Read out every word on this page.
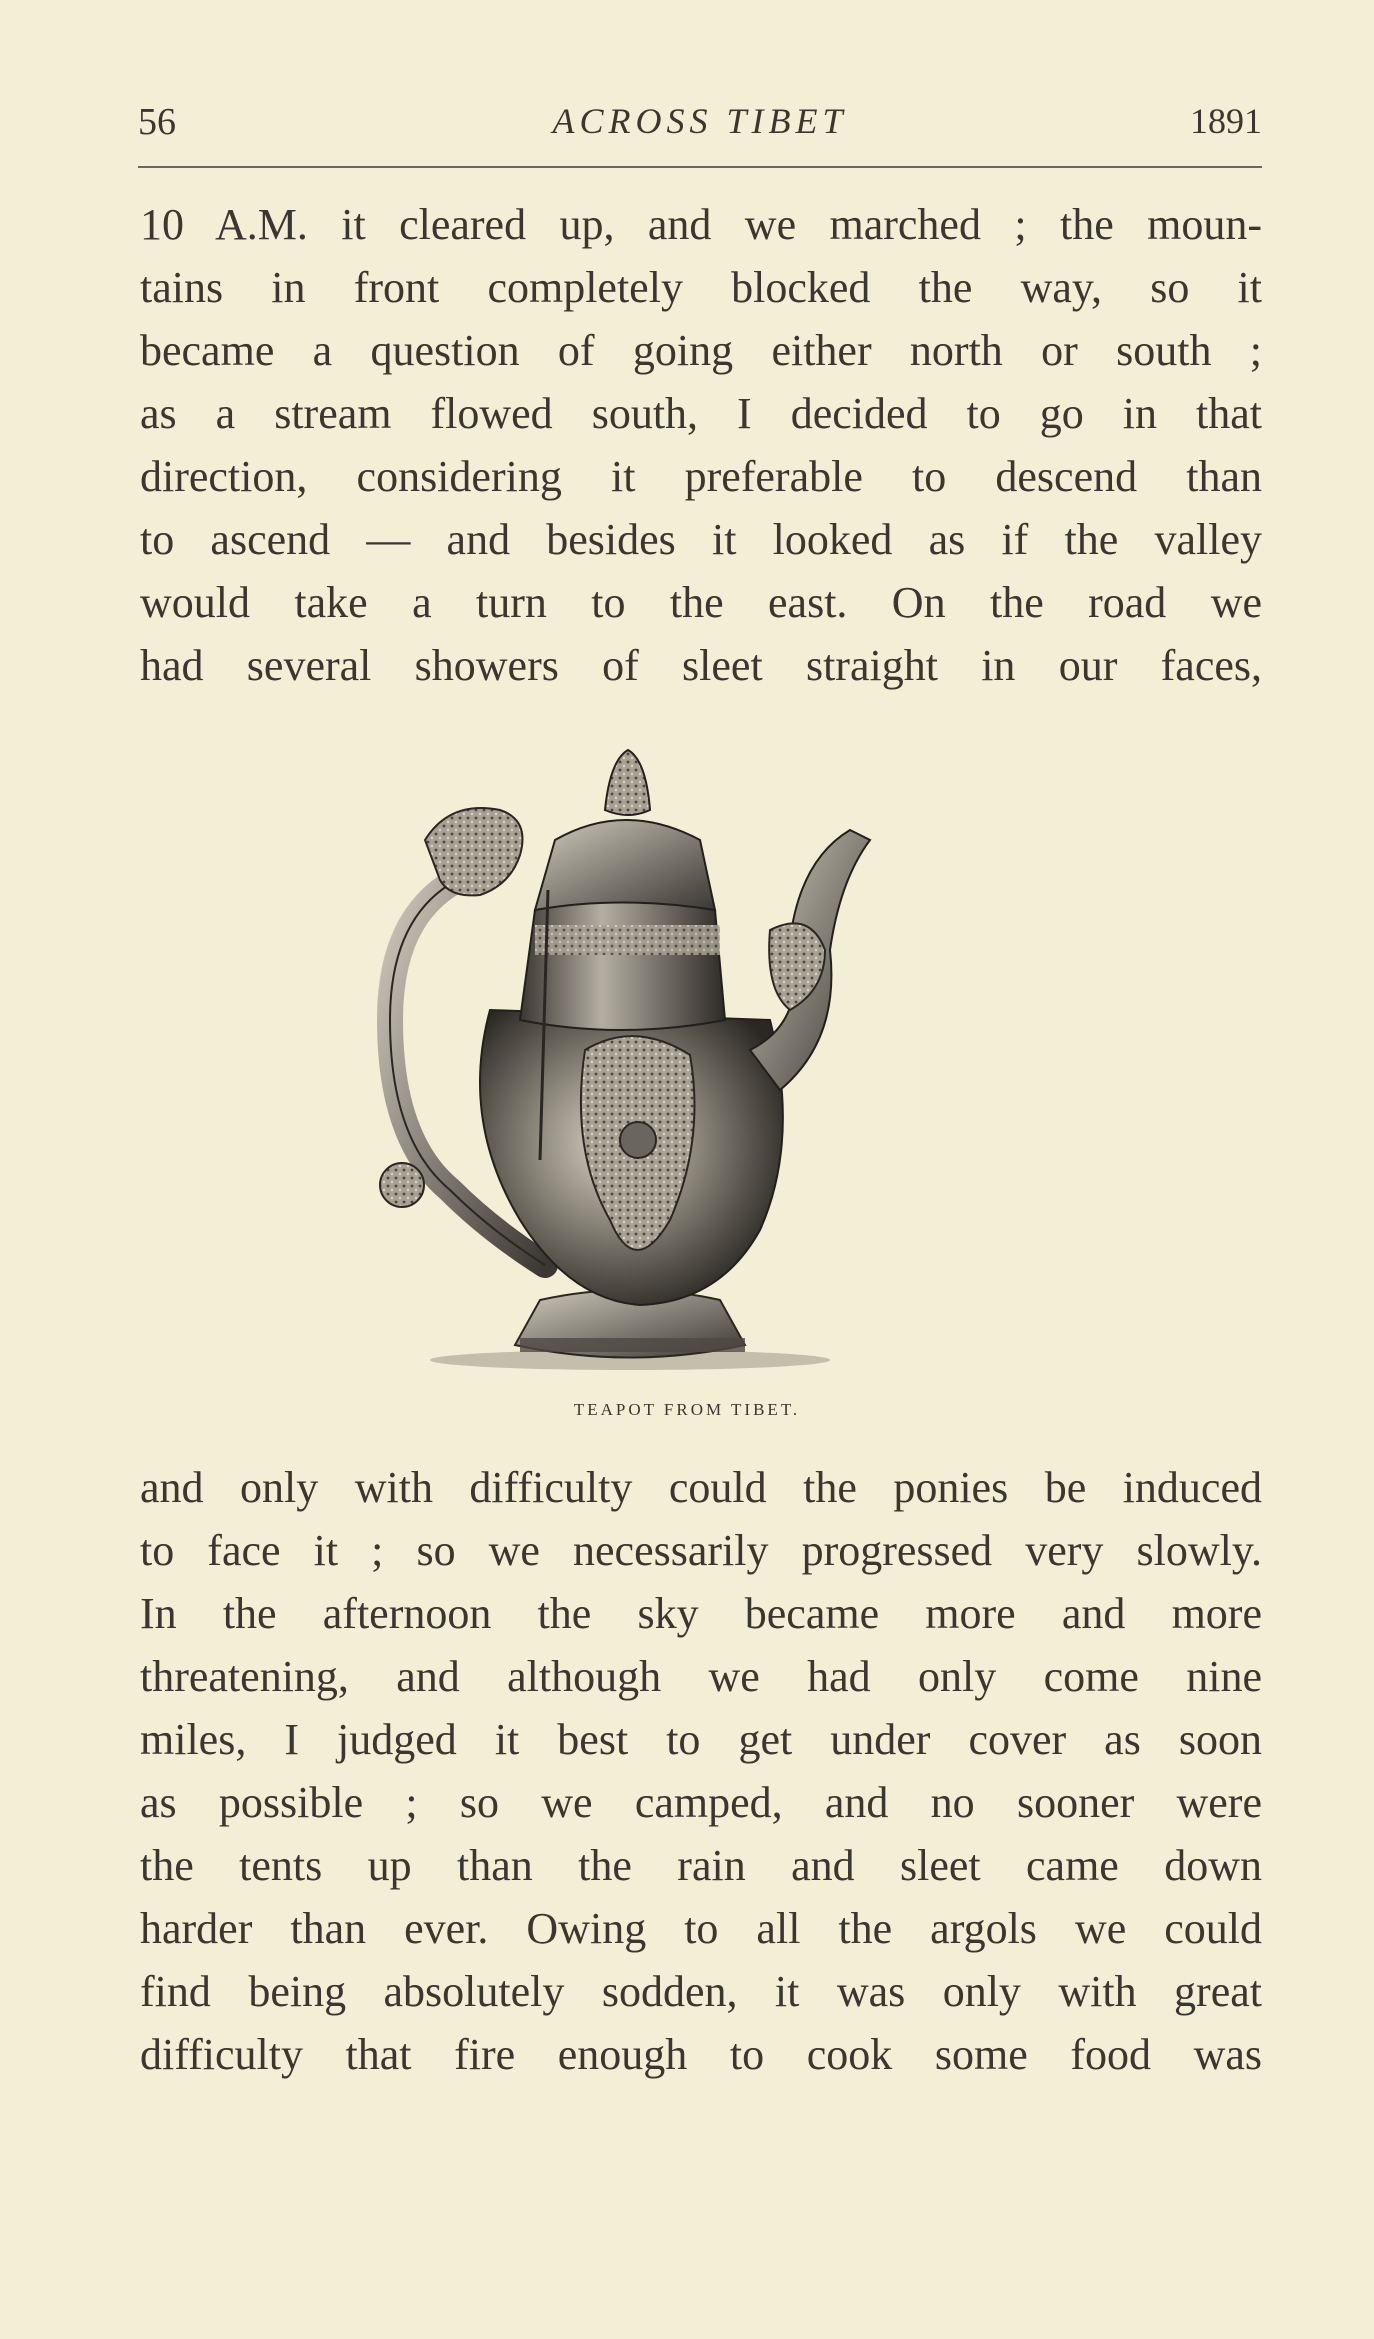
56	ACROSS TIBET	1891
10 A.M. it cleared up, and we marched ; the moun-
tains in front completely blocked the way, so it
became a question of going either north or south ;
as a stream flowed south, I decided to go in that
direction, considering it preferable to descend than
to ascend — and besides it looked as if the valley
would take a turn to the east. On the road we
had several showers of sleet straight in our faces,
TEAPOT FROM TIBET.
and only with difficulty could the ponies be induced
to face it ; so we necessarily progressed very slowly.
In the afternoon the sky became more and more
threatening, and although we had only come nine
miles, I judged it best to get under cover as soon
as possible ; so we camped, and no sooner were
the tents up than the rain and sleet came down
harder than ever. Owing to all the argols we could
find being absolutely sodden, it was only with great
difficulty that fire enough to cook some food was
